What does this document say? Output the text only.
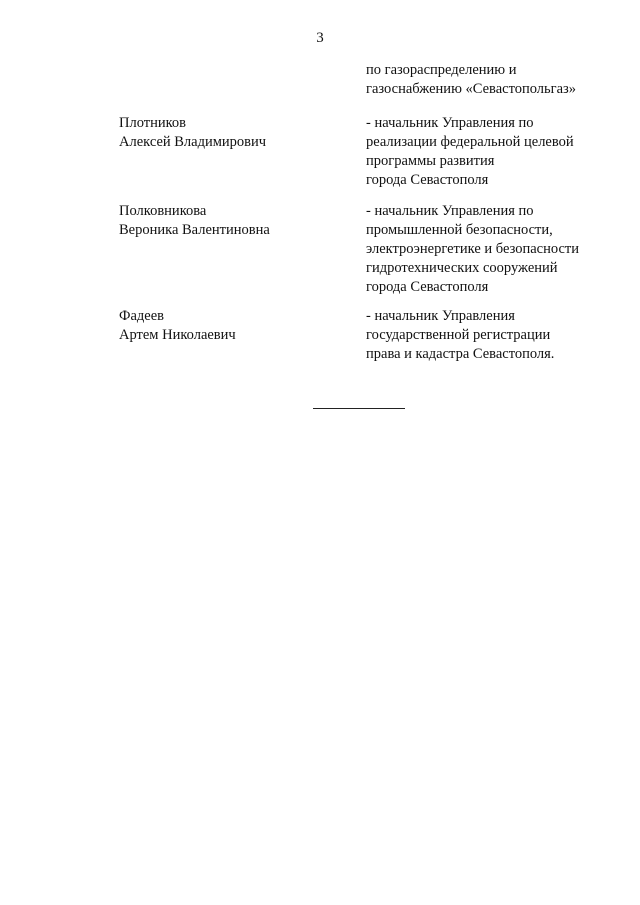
3
по газораспределению и
газоснабжению «Севастопольгаз»
Плотников
Алексей Владимирович
- начальник Управления по
реализации федеральной целевой
программы развития
города Севастополя
Полковникова
Вероника Валентиновна
- начальник Управления по
промышленной безопасности,
электроэнергетике и безопасности
гидротехнических сооружений
города Севастополя
Фадеев
Артем Николаевич
- начальник Управления
государственной регистрации
права и кадастра Севастополя.
